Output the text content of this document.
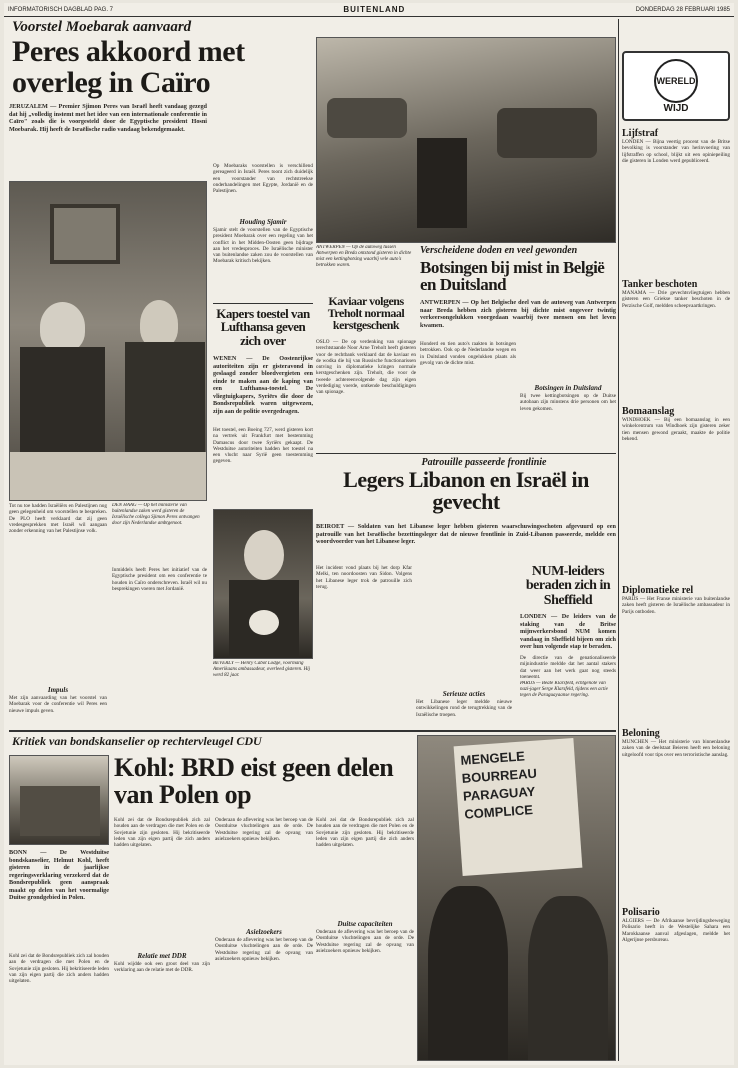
INFORMATORISCH DAGBLAD PAG. 7	BUITENLAND	DONDERDAG 28 FEBRUARI 1985
Voorstel Moebarak aanvaard
Peres akkoord met overleg in Caïro
JERUZALEM — Premier Sjimon Peres van Israël heeft vandaag gezegd dat hij „volledig instemt met het idee van een internationale conferentie in Caïro" zoals die is voorgesteld door de Egyptische president Hosni Moebarak. Hij heeft de Israëlische radio vandaag bekendgemaakt.
Op Moebaraks voorstellen is verschillend gereageerd in Israël. Peres toont zich duidelijk een voorstander van rechtstreekse onderhandelingen met Egypte, Jordanië en de Palestijnen.
Houding Sjamir
Sjamir stelt de voorstellen van de Egyptische president Moebarak over een regeling van het conflict in het Midden-Oosten geen bijdrage aan het vredesproces. De Israëlische minister van buitenlandse zaken zou de voorstellen van Moebarak kritisch bekijken.
Tot nu toe hadden Israëliërs en Palestijnen nog geen gelegenheid om voorstellen te bespreken. De PLO heeft verklaard dat zij geen vredesgesprekken met Israël wil aangaan zonder erkenning van het Palestijnse volk.
Impuls
Met zijn aanvaarding van het voorstel van Moebarak voor de conferentie wil Peres een nieuwe impuls geven.
DEN HAAG — Op het ministerie van buitenlandse zaken werd gisteren de Israëlische collega Sjimon Peres ontvangen door zijn Nederlandse ambtgenoot.
Inmiddels heeft Peres het initiatief van de Egyptische president om een conferentie te houden in Caïro onderschreven. Israël wil nu besprekingen voeren met Jordanië.
Kapers toestel van Lufthansa geven zich over
WENEN — De Oostenrijkse autoriteiten zijn er gisteravond in geslaagd zonder bloedvergieten een einde te maken aan de kaping van een Lufthansa-toestel. De vliegtuigkapers, Syriërs die door de Bondsrepubliek waren uitgewezen, zijn aan de politie overgedragen.
Het toestel, een Boeing 727, werd gisteren kort na vertrek uit Frankfurt met bestemming Damascus door twee Syriërs gekaapt. De Westduitse autoriteiten hadden het toestel na een vlucht naar Syrië geen toestemming gegeven.
ANTWERPEN — Op de autoweg tussen Antwerpen en Breda ontstond gisteren in dichte mist een kettingbotsing waarbij vele auto's betrokken waren.
Kaviaar volgens Treholt normaal kerstgeschenk
OSLO — De op verdenking van spionage terechtstaande Noor Arne Treholt heeft gisteren voor de rechtbank verklaard dat de kaviaar en de wodka die hij van Russische functionarissen ontving in diplomatieke kringen normale kerstgeschenken zijn. Treholt, die voor de tweede achtereenvolgende dag zijn eigen verdediging voerde, ontkende beschuldigingen van spionage.
Verscheidene doden en veel gewonden
Botsingen bij mist in België en Duitsland
ANTWERPEN — Op het Belgische deel van de autoweg van Antwerpen naar Breda hebben zich gisteren bij dichte mist ongeveer twintig verkeersongelukken voorgedaan waarbij twee mensen om het leven kwamen.
Honderd en tien auto's raakten in botsingen betrokken. Ook op de Nederlandse wegen en in Duitsland vonden ongelukken plaats als gevolg van de dichte mist.
Botsingen in Duitsland
Bij twee kettingbotsingen op de Duitse autobaan zijn minstens drie personen om het leven gekomen.
Patrouille passeerde frontlinie
Legers Libanon en Israël in gevecht
BEIROET — Soldaten van het Libanese leger hebben gisteren waarschuwingsschoten afgevuurd op een patrouille van het Israëlische bezettingsleger dat de nieuwe frontlinie in Zuid-Libanon passeerde, meldde een woordvoerder van het Libanese leger.
Het incident vond plaats bij het dorp Kfar Melki, ten noordoosten van Sidon. Volgens het Libanese leger trok de patrouille zich terug.
Serieuze acties
Het Libanese leger meldde nieuwe ontwikkelingen rond de terugtrekking van de Israëlische troepen.
BEVERLY — Henry Cabot Lodge, voormalig Amerikaans ambassadeur, overleed gisteren. Hij werd 82 jaar.
NUM-leiders beraden zich in Sheffield
LONDEN — De leiders van de staking van de Britse mijnwerkersbond NUM komen vandaag in Sheffield bijeen om zich over hun volgende stap te beraden.
De directie van de genationaliseerde mijnindustrie meldde dat het aantal stakers dat weer aan het werk gaat nog steeds toeneemt.
PARIJS — Beate Klarsfeld, echtgenote van nazi-jager Serge Klarsfeld, tijdens een actie tegen de Paraguayaanse regering.
Kritiek van bondskanselier op rechtervleugel CDU
Kohl: BRD eist geen delen van Polen op
BONN — De Westduitse bondskanselier, Helmut Kohl, heeft gisteren in de jaarlijkse regeringsverklaring verzekerd dat de Bondsrepubliek geen aanspraak maakt op delen van het voormalige Duitse grondgebied in Polen.
Kohl zei dat de Bondsrepubliek zich zal houden aan de verdragen die met Polen en de Sovjetunie zijn gesloten. Hij bekritiseerde leden van zijn eigen partij die zich anders hadden uitgelaten.
Kohl zei dat de Bondsrepubliek zich zal houden aan de verdragen die met Polen en de Sovjetunie zijn gesloten. Hij bekritiseerde leden van zijn eigen partij die zich anders hadden uitgelaten.
Relatie met DDR
Kohl wijdde ook een groot deel van zijn verklaring aan de relatie met de DDR.
Onderaan de aflevering was het beroep van de Oostduitse vluchtelingen aan de orde. De Westduitse regering zal de opvang van asielzoekers opnieuw bekijken.
Asielzoekers
Onderaan de aflevering was het beroep van de Oostduitse vluchtelingen aan de orde. De Westduitse regering zal de opvang van asielzoekers opnieuw bekijken.
Kohl zei dat de Bondsrepubliek zich zal houden aan de verdragen die met Polen en de Sovjetunie zijn gesloten. Hij bekritiseerde leden van zijn eigen partij die zich anders hadden uitgelaten.
Duitse capaciteiten
Onderaan de aflevering was het beroep van de Oostduitse vluchtelingen aan de orde. De Westduitse regering zal de opvang van asielzoekers opnieuw bekijken.
MENGELE
BOURREAU
PARAGUAY
COMPLICE
WERELD
WIJD
Lijfstraf
LONDEN — Bijna veertig procent van de Britse bevolking is voorstander van herinvoering van lijfstraffen op school, blijkt uit een opiniepeiling die gisteren in Londen werd gepubliceerd.
Tanker beschoten
MANAMA — Drie gevechtsvliegtuigen hebben gisteren een Griekse tanker beschoten in de Perzische Golf, meldden scheepvaartkringen.
Bomaanslag
WINDHOEK — Bij een bomaanslag in een winkelcentrum van Windhoek zijn gisteren zeker tien mensen gewond geraakt, maakte de politie bekend.
Diplomatieke rel
PARIJS — Het Franse ministerie van buitenlandse zaken heeft gisteren de Israëlische ambassadeur in Parijs ontboden.
Beloning
MÜNCHEN — Het ministerie van binnenlandse zaken van de deelstaat Beieren heeft een beloning uitgeloofd voor tips over een terroristische aanslag.
Polisario
ALGIERS — De Afrikaanse bevrijdingsbeweging Polisario heeft in de Westelijke Sahara een Marokkaanse aanval afgeslagen, meldde het Algerijnse persbureau.
